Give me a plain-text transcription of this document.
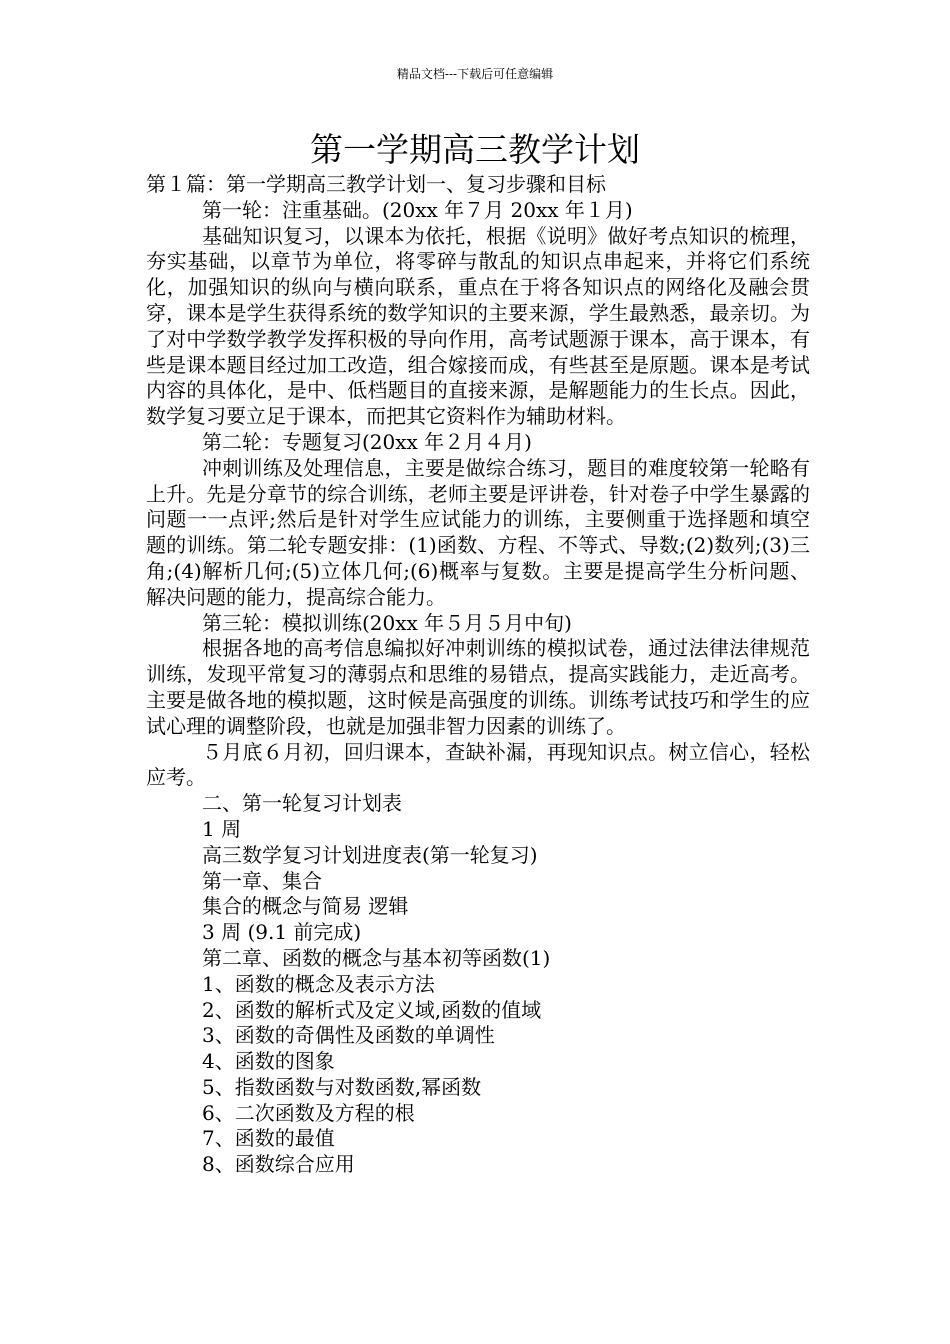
精品文档---下载后可任意编辑
第一学期高三教学计划

第１篇：第一学期高三教学计划一、复习步骤和目标

第一轮：注重基础。(20xx 年７月 20xx 年１月)

基础知识复习，以课本为依托，根据《说明》做好考点知识的梳理，夯实基础，以章节为单位，将零碎与散乱的知识点串起来，并将它们系统化，加强知识的纵向与横向联系，重点在于将各知识点的网络化及融会贯穿，课本是学生获得系统的数学知识的主要来源，学生最熟悉，最亲切。为了对中学数学教学发挥积极的导向作用，高考试题源于课本，高于课本，有些是课本题目经过加工改造，组合嫁接而成，有些甚至是原题。课本是考试内容的具体化，是中、低档题目的直接来源，是解题能力的生长点。因此，数学复习要立足于课本，而把其它资料作为辅助材料。

第二轮：专题复习(20xx 年２月４月)

冲刺训练及处理信息，主要是做综合练习，题目的难度较第一轮略有上升。先是分章节的综合训练，老师主要是评讲卷，针对卷子中学生暴露的问题一一点评;然后是针对学生应试能力的训练，主要侧重于选择题和填空题的训练。第二轮专题安排：(1)函数、方程、不等式、导数;(2)数列;(3)三角;(4)解析几何;(5)立体几何;(6)概率与复数。主要是提高学生分析问题、解决问题的能力，提高综合能力。

第三轮：模拟训练(20xx 年５月５月中旬)

根据各地的高考信息编拟好冲刺训练的模拟试卷，通过法律法律规范训练，发现平常复习的薄弱点和思维的易错点，提高实践能力，走近高考。主要是做各地的模拟题，这时候是高强度的训练。训练考试技巧和学生的应试心理的调整阶段，也就是加强非智力因素的训练了。

５月底６月初，回归课本，查缺补漏，再现知识点。树立信心，轻松应考。

二、第一轮复习计划表

1 周

高三数学复习计划进度表(第一轮复习)

第一章、集合

集合的概念与简易 逻辑

3 周 (9.1 前完成)

第二章、函数的概念与基本初等函数(1)

1、函数的概念及表示方法

2、函数的解析式及定义域,函数的值域

3、函数的奇偶性及函数的单调性

4、函数的图象

5、指数函数与对数函数,幂函数

6、二次函数及方程的根

7、函数的最值

8、函数综合应用
